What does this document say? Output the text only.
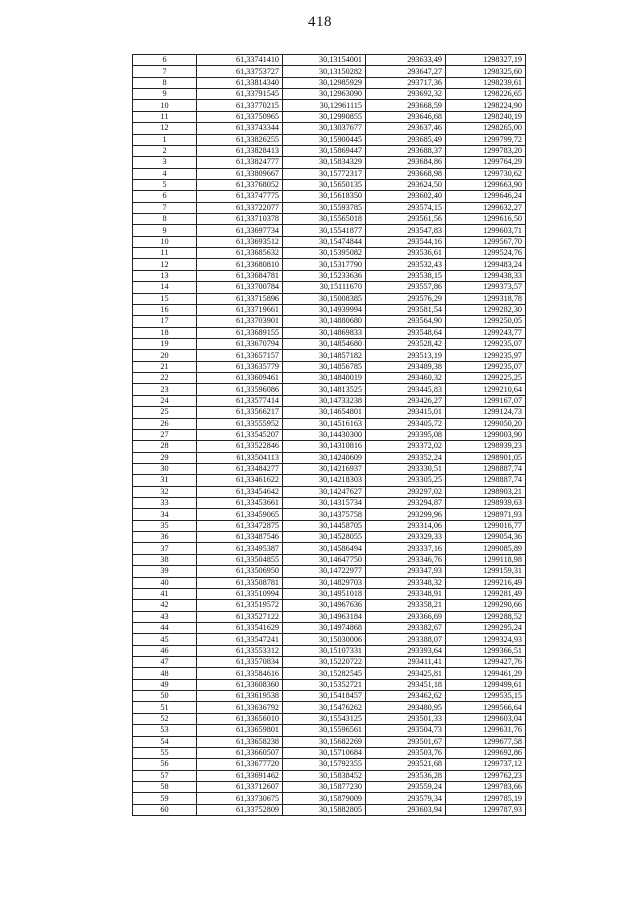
418
6	61,33741410	30,13154001	293633,49	1298327,19
7	61,33753727	30,13150282	293647,27	1298325,60
8	61,33814340	30,12985929	293717,36	1298239,61
9	61,33791545	30,12963090	293692,32	1298226,65
10	61,33770215	30,12961115	293668,59	1298224,90
11	61,33750965	30,12990855	293646,68	1298240,19
12	61,33743344	30,13037677	293637,46	1298265,00
1	61,33826255	30,15900445	293685,49	1299799,72
2	61,33828413	30,15869447	293688,37	1299783,20
3	61,33824777	30,15834329	293684,86	1299764,29
4	61,33809667	30,15772317	293668,98	1299730,62
5	61,33768052	30,15650135	293624,50	1299663,90
6	61,33747775	30,15618350	293602,40	1299646,24
7	61,33722077	30,15593785	293574,15	1299632,27
8	61,33710378	30,15565018	293561,56	1299616,50
9	61,33697734	30,15541877	293547,83	1299603,71
10	61,33693512	30,15474844	293544,16	1299567,70
11	61,33685632	30,15395082	293536,61	1299524,76
12	61,33680810	30,15317790	293532,43	1299483,24
13	61,33684781	30,15233636	293538,15	1299438,33
14	61,33700784	30,15111670	293557,86	1299373,57
15	61,33715896	30,15008385	293576,29	1299318,78
16	61,33719661	30,14939994	293581,54	1299282,30
17	61,33703901	30,14880680	293564,90	1299250,05
18	61,33689155	30,14869833	293548,64	1299243,77
19	61,33670794	30,14854680	293528,42	1299235,07
20	61,33657157	30,14857182	293513,19	1299235,97
21	61,33635779	30,14856785	293489,38	1299235,07
22	61,33609461	30,14840019	293460,32	1299225,25
23	61,33596086	30,14813525	293445,83	1299210,64
24	61,33577414	30,14733238	293426,27	1299167,07
25	61,33566217	30,14654801	293415,01	1299124,73
26	61,33555952	30,14516163	293405,72	1299050,20
27	61,33545207	30,14430300	293395,08	1299003,90
28	61,33522846	30,14310816	293372,02	1298939,23
29	61,33504113	30,14240609	293352,24	1298901,05
30	61,33484277	30,14216937	293330,51	1298887,74
31	61,33461622	30,14218303	293305,25	1298887,74
32	61,33454642	30,14247627	293297,02	1298903,21
33	61,33453661	30,14315734	293294,87	1298939,63
34	61,33459065	30,14375758	293299,96	1298971,93
35	61,33472875	30,14458705	293314,06	1299016,77
36	61,33487546	30,14528055	293329,33	1299054,36
37	61,33495387	30,14586494	293337,16	1299085,89
38	61,33504855	30,14647750	293346,76	1299118,98
39	61,33506950	30,14722977	293347,93	1299159,31
40	61,33508781	30,14829703	293348,32	1299216,49
41	61,33510994	30,14951018	293348,91	1299281,49
42	61,33519572	30,14967636	293358,21	1299290,66
43	61,33527122	30,14963184	293366,69	1299288,52
44	61,33541629	30,14974868	293382,67	1299295,24
45	61,33547241	30,15030006	293388,07	1299324,93
46	61,33553312	30,15107331	293393,64	1299366,51
47	61,33570834	30,15220722	293411,41	1299427,76
48	61,33584616	30,15282545	293425,81	1299461,29
49	61,33608360	30,15352721	293451,18	1299499,61
50	61,33619538	30,15418457	293462,62	1299535,15
51	61,33636792	30,15476262	293480,95	1299566,64
52	61,33656010	30,15543125	293501,33	1299603,04
53	61,33659801	30,15596561	293504,73	1299631,76
54	61,33658238	30,15682269	293501,67	1299677,58
55	61,33660507	30,15710684	293503,76	1299692,86
56	61,33677720	30,15792355	293521,68	1299737,12
57	61,33691462	30,15838452	293536,28	1299762,23
58	61,33712607	30,15877230	293559,24	1299783,66
59	61,33730675	30,15879009	293579,34	1299785,19
60	61,33752809	30,15882805	293603,94	1299787,93
